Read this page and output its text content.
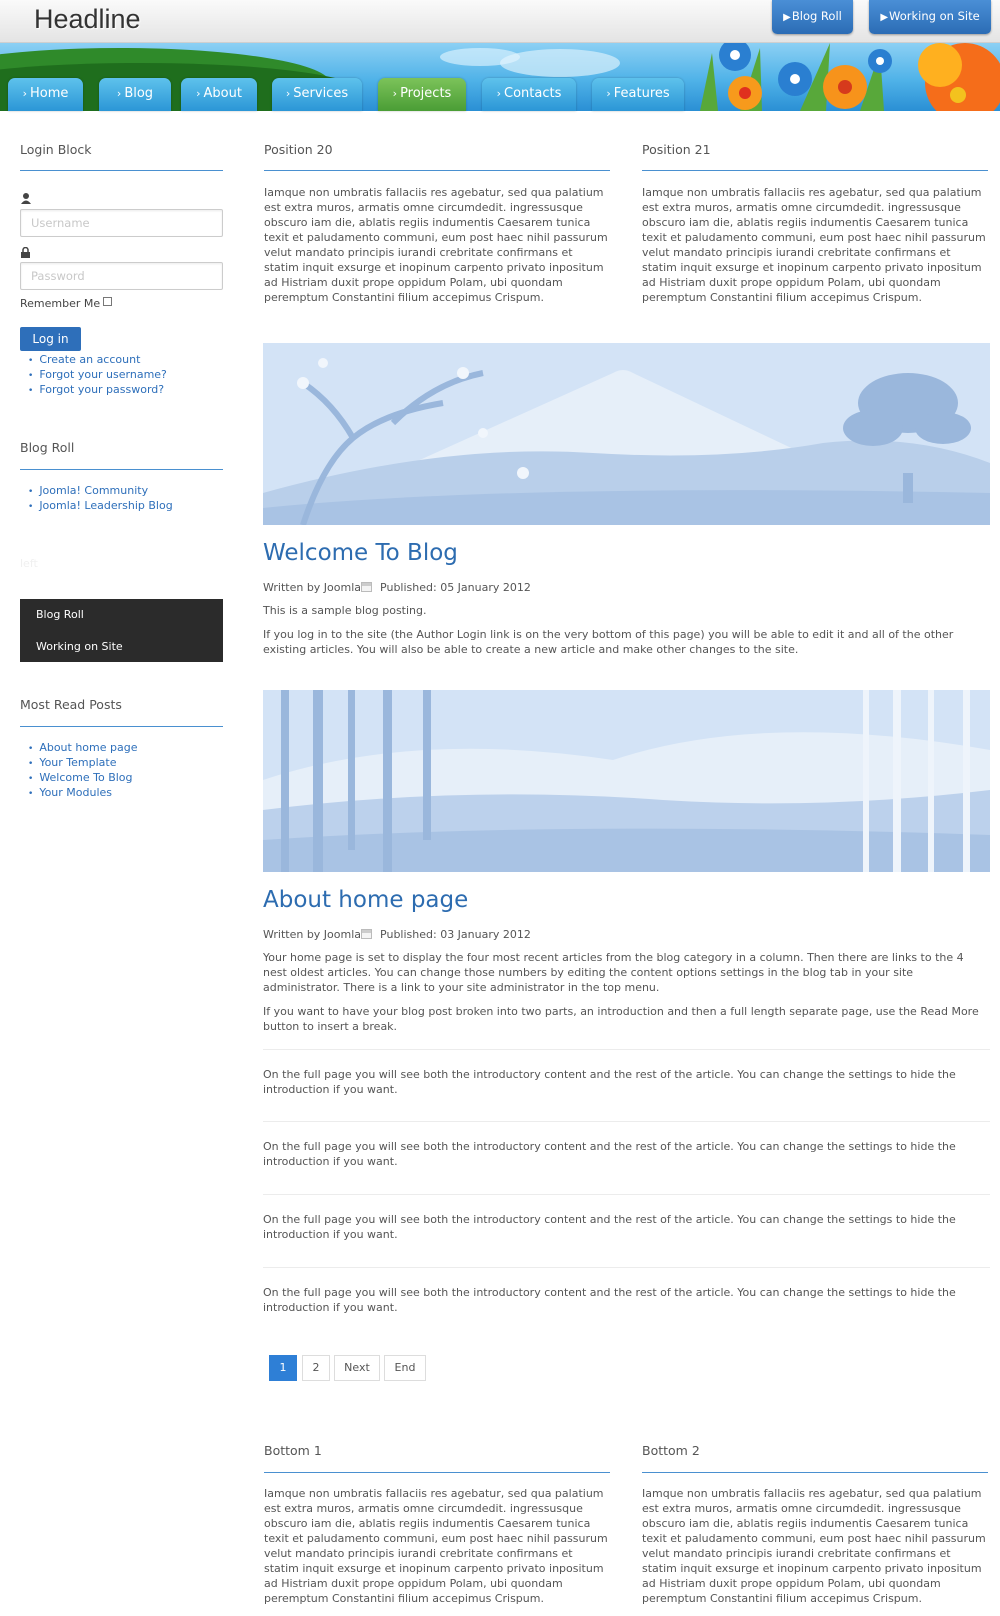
Headline	▶Blog Roll	▶Working on Site
› Home	› Blog	› About	› Services	› Projects	› Contacts	› Features
Login Block
Username
Password
Remember Me
Log in
• Create an account
• Forgot your username?
• Forgot your password?
Blog Roll
• Joomla! Community
• Joomla! Leadership Blog
left
Blog Roll
Working on Site
Most Read Posts
• About home page
• Your Template
• Welcome To Blog
• Your Modules
Position 20
Iamque non umbratis fallaciis res agebatur, sed qua palatium est extra muros, armatis omne circumdedit. ingressusque obscuro iam die, ablatis regiis indumentis Caesarem tunica texit et paludamento communi, eum post haec nihil passurum velut mandato principis iurandi crebritate confirmans et statim inquit exsurge et inopinum carpento privato inpositum ad Histriam duxit prope oppidum Polam, ubi quondam peremptum Constantini filium accepimus Crispum.
Position 21
Iamque non umbratis fallaciis res agebatur, sed qua palatium est extra muros, armatis omne circumdedit. ingressusque obscuro iam die, ablatis regiis indumentis Caesarem tunica texit et paludamento communi, eum post haec nihil passurum velut mandato principis iurandi crebritate confirmans et statim inquit exsurge et inopinum carpento privato inpositum ad Histriam duxit prope oppidum Polam, ubi quondam peremptum Constantini filium accepimus Crispum.
Welcome To Blog
Written by Joomla Published: 05 January 2012
This is a sample blog posting.
If you log in to the site (the Author Login link is on the very bottom of this page) you will be able to edit it and all of the other existing articles. You will also be able to create a new article and make other changes to the site.
About home page
Written by Joomla Published: 03 January 2012
Your home page is set to display the four most recent articles from the blog category in a column. Then there are links to the 4 nest oldest articles. You can change those numbers by editing the content options settings in the blog tab in your site administrator. There is a link to your site administrator in the top menu.
If you want to have your blog post broken into two parts, an introduction and then a full length separate page, use the Read More button to insert a break.
On the full page you will see both the introductory content and the rest of the article. You can change the settings to hide the introduction if you want.
On the full page you will see both the introductory content and the rest of the article. You can change the settings to hide the introduction if you want.
On the full page you will see both the introductory content and the rest of the article. You can change the settings to hide the introduction if you want.
On the full page you will see both the introductory content and the rest of the article. You can change the settings to hide the introduction if you want.
1	2	Next	End
Bottom 1
Iamque non umbratis fallaciis res agebatur, sed qua palatium est extra muros, armatis omne circumdedit. ingressusque obscuro iam die, ablatis regiis indumentis Caesarem tunica texit et paludamento communi, eum post haec nihil passurum velut mandato principis iurandi crebritate confirmans et statim inquit exsurge et inopinum carpento privato inpositum ad Histriam duxit prope oppidum Polam, ubi quondam peremptum Constantini filium accepimus Crispum.
Bottom 2
Iamque non umbratis fallaciis res agebatur, sed qua palatium est extra muros, armatis omne circumdedit. ingressusque obscuro iam die, ablatis regiis indumentis Caesarem tunica texit et paludamento communi, eum post haec nihil passurum velut mandato principis iurandi crebritate confirmans et statim inquit exsurge et inopinum carpento privato inpositum ad Histriam duxit prope oppidum Polam, ubi quondam peremptum Constantini filium accepimus Crispum.
